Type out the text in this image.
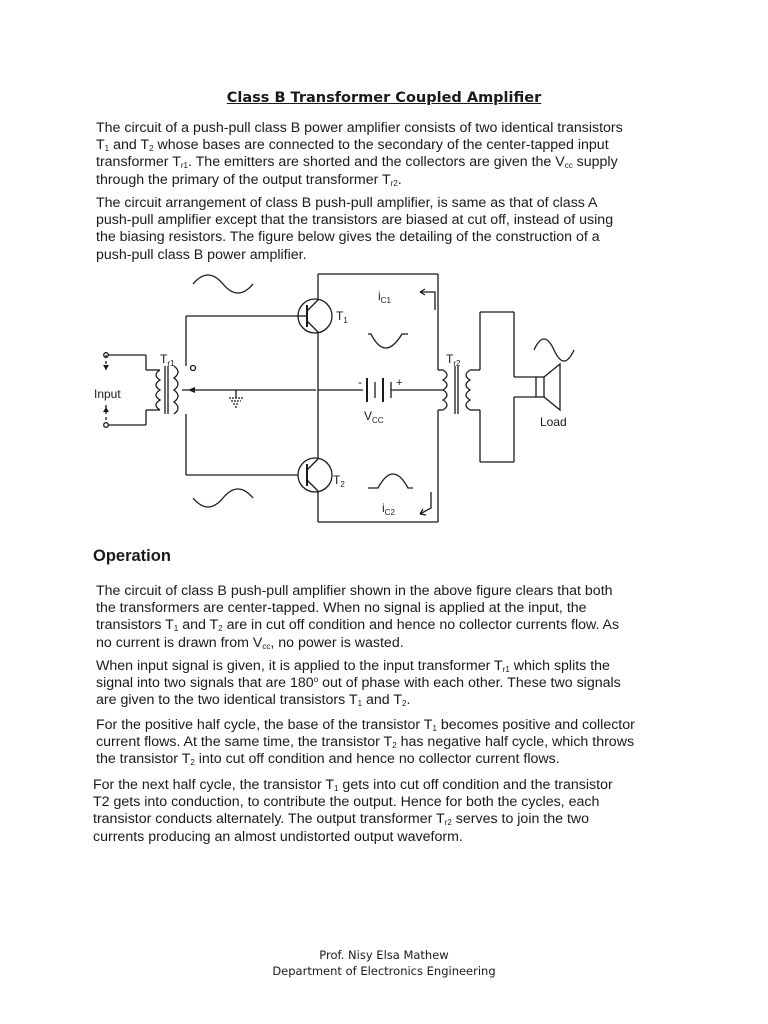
Class B Transformer Coupled Amplifier

The circuit of a push-pull class B power amplifier consists of two identical transistors
$T_1$ and $T_2$ whose bases are connected to the secondary of the center-tapped input
transformer $T_{r1}$. The emitters are shorted and the collectors are given the $V_{cc}$ supply
through the primary of the output transformer $T_{r2}$.

The circuit arrangement of class B push-pull amplifier, is same as that of class A
push-pull amplifier except that the transistors are biased at cut off, instead of using
the biasing resistors. The figure below gives the detailing of the construction of a
push-pull class B power amplifier.

Input
$T_{r1}$
$T_1$
$T_2$
$i_{C1}$
$i_{C2}$
$V_{CC}$
$T_{r2}$
-	+
Load
Operation

The circuit of class B push-pull amplifier shown in the above figure clears that both
the transformers are center-tapped. When no signal is applied at the input, the
transistors $T_1$ and $T_2$ are in cut off condition and hence no collector currents flow. As
no current is drawn from $V_{cc}$, no power is wasted.

When input signal is given, it is applied to the input transformer $T_{r1}$ which splits the
signal into two signals that are 180$^o$ out of phase with each other. These two signals
are given to the two identical transistors $T_1$ and $T_2$.

For the positive half cycle, the base of the transistor $T_1$ becomes positive and collector
current flows. At the same time, the transistor $T_2$ has negative half cycle, which throws
the transistor $T_2$ into cut off condition and hence no collector current flows.

For the next half cycle, the transistor $T_1$ gets into cut off condition and the transistor
T2 gets into conduction, to contribute the output. Hence for both the cycles, each
transistor conducts alternately. The output transformer $T_{r2}$ serves to join the two
currents producing an almost undistorted output waveform.

Prof. Nisy Elsa Mathew
Department of Electronics Engineering
